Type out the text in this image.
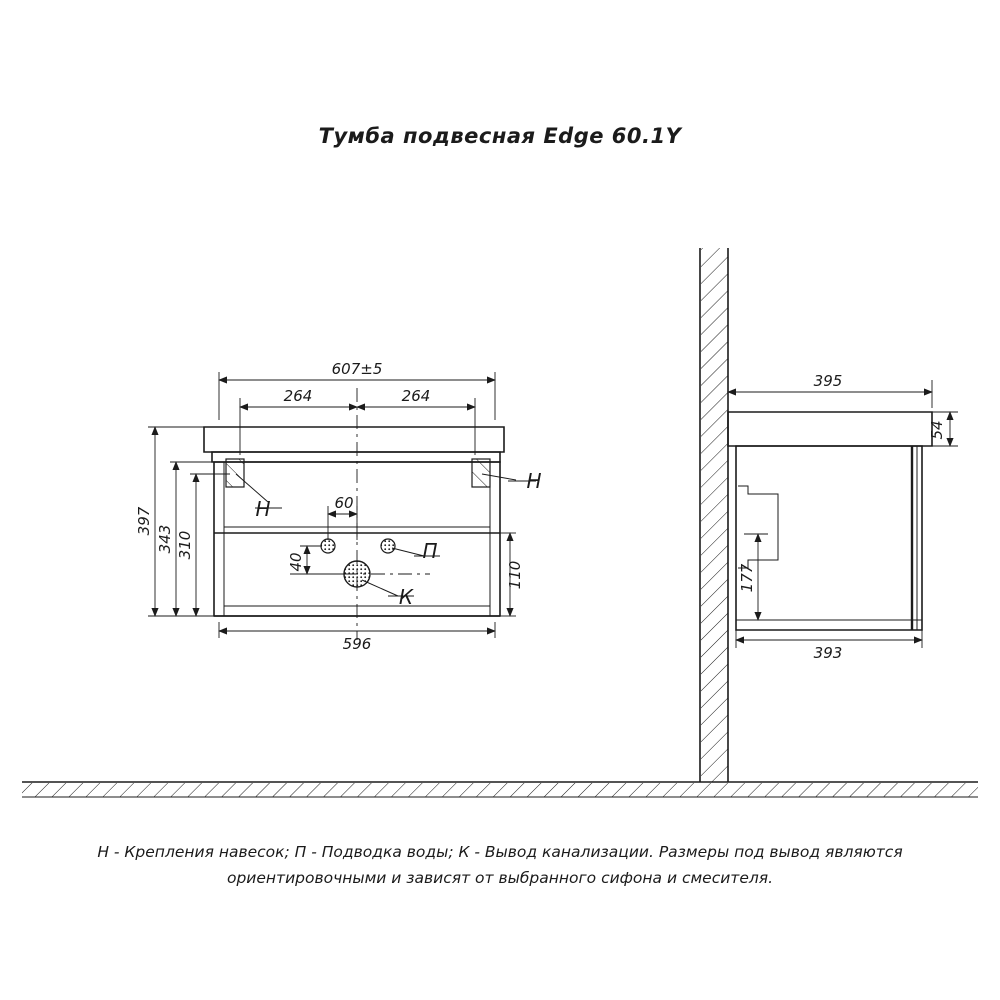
Тумба подвесная Edge 60.1Y
607±5
264	264
596
397
343 310
110
60
40
Н
Н
П
К
395
54
393
177
Н - Крепления навесок; П - Подводка воды; К - Вывод канализации. Размеры под вывод являются
ориентировочными и зависят от выбранного сифона и смесителя.
